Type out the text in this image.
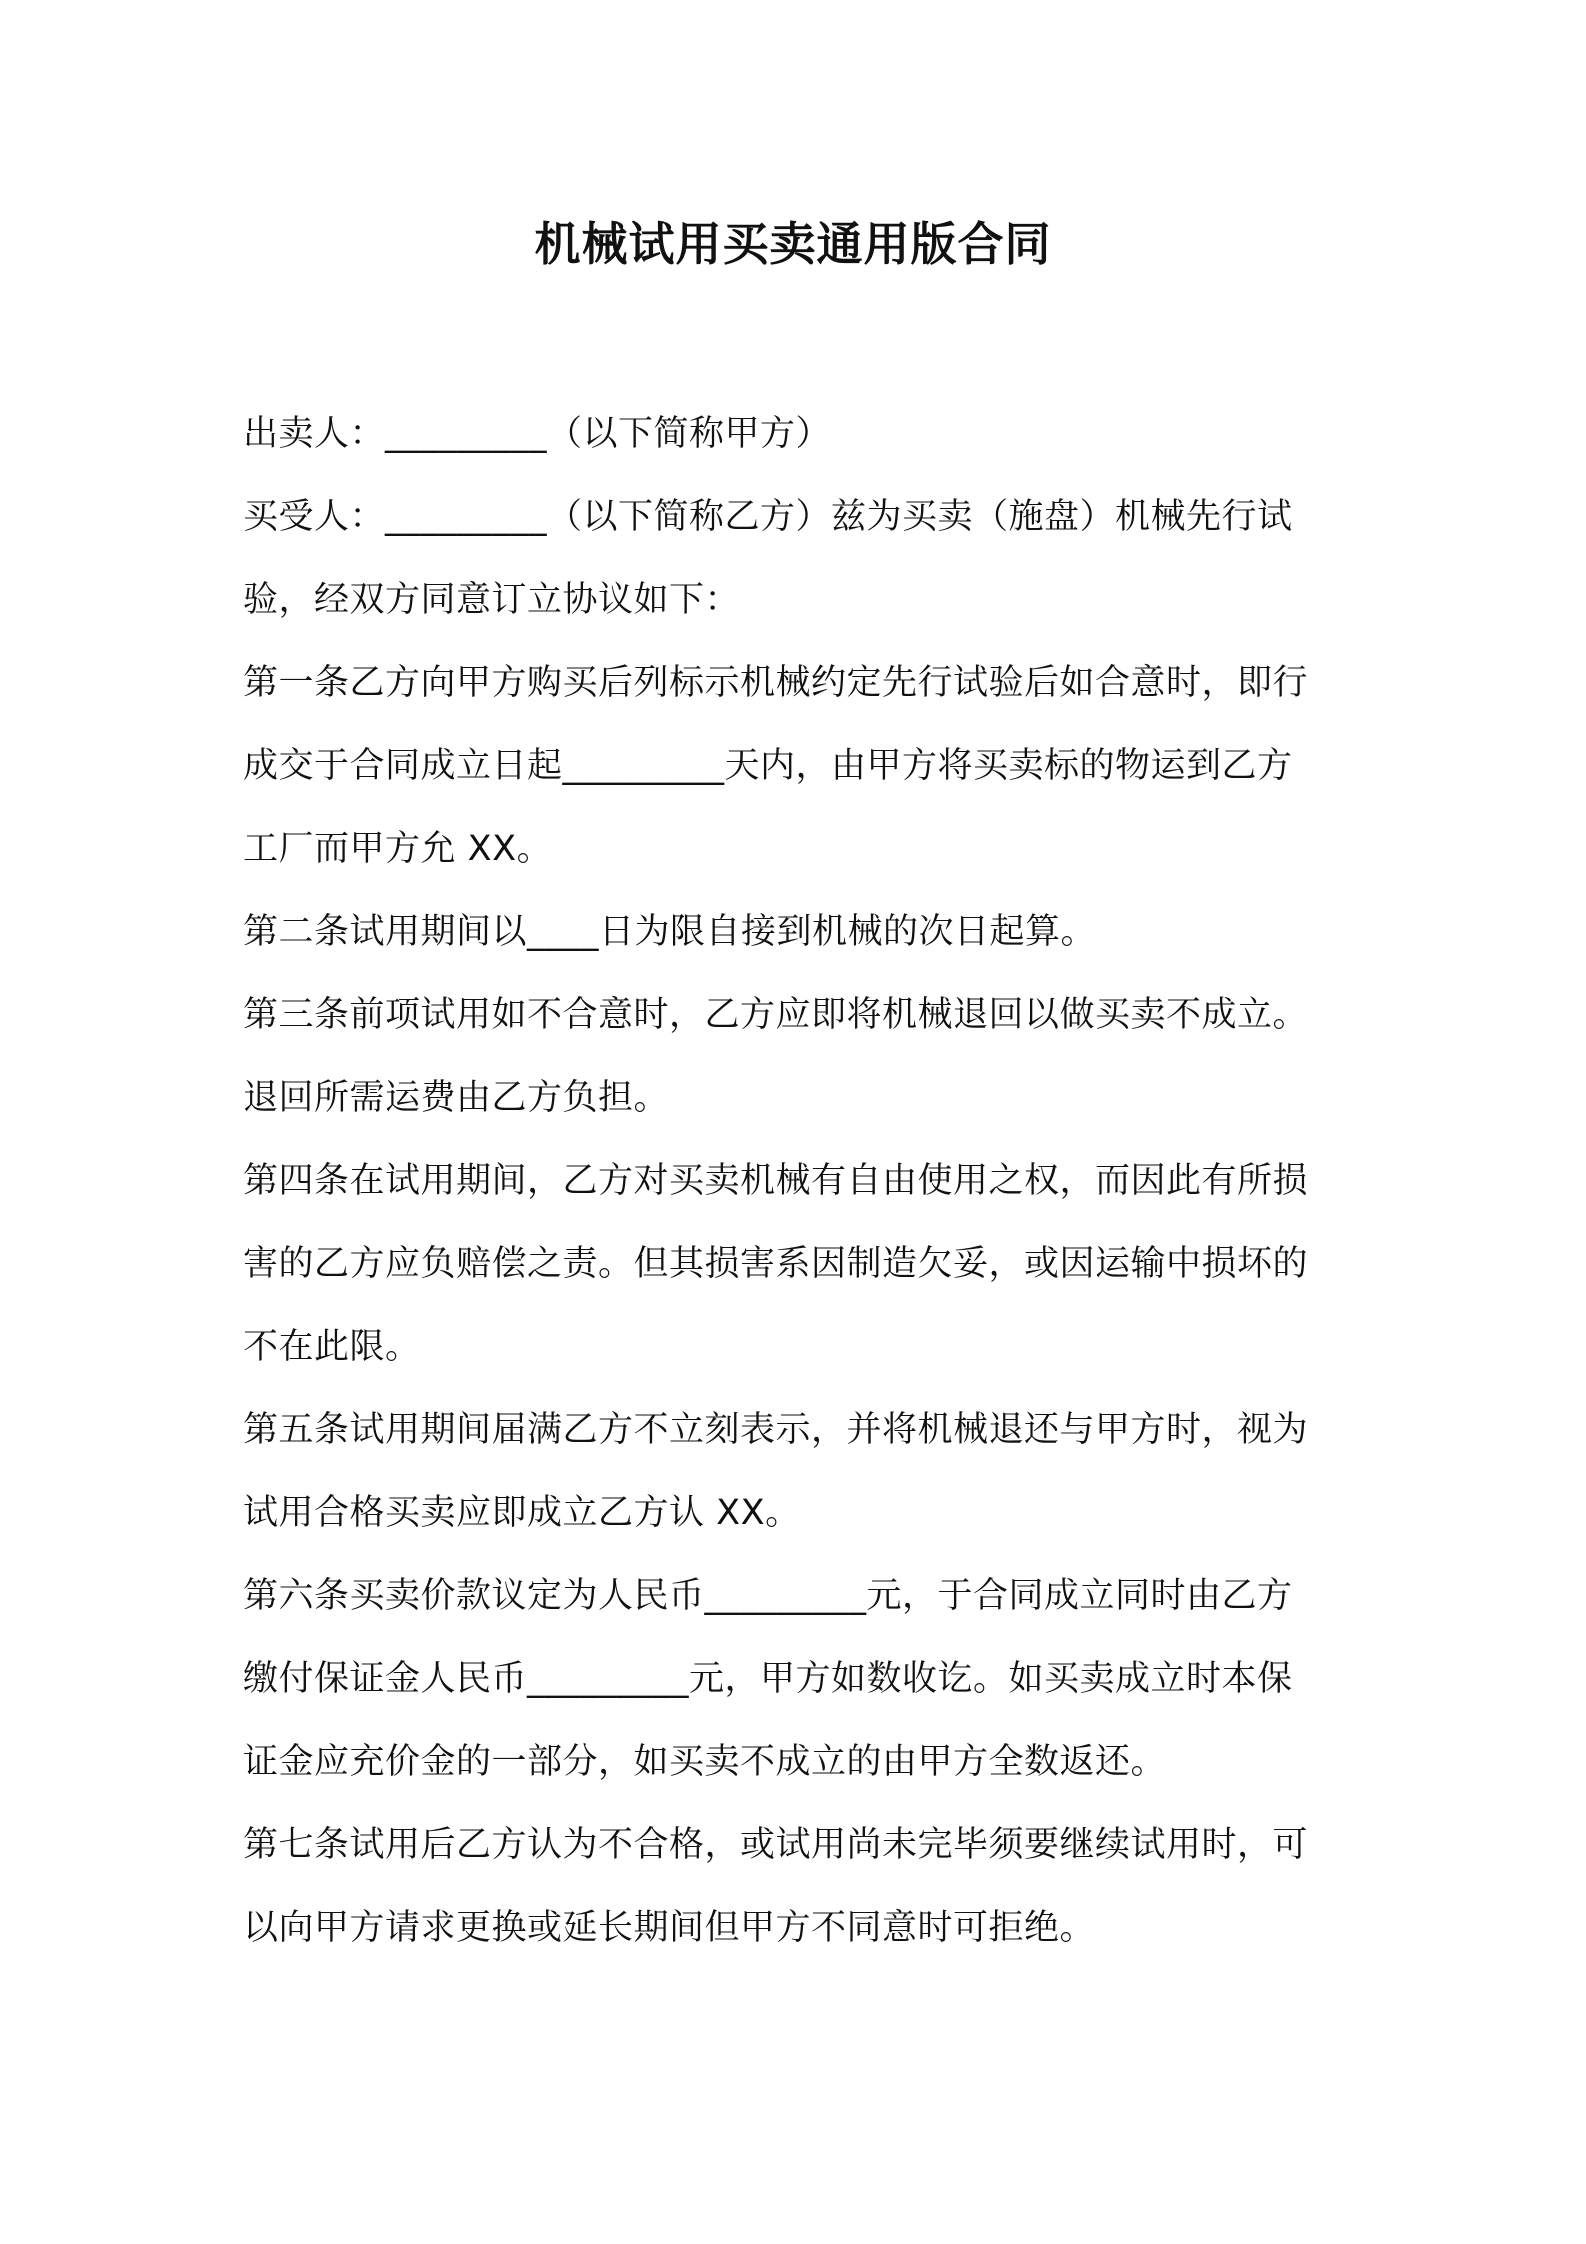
机械试用买卖通用版合同
出卖人：_________（以下简称甲方）
买受人：_________（以下简称乙方）兹为买卖（施盘）机械先行试
验，经双方同意订立协议如下：
第一条乙方向甲方购买后列标示机械约定先行试验后如合意时，即行
成交于合同成立日起_________天内，由甲方将买卖标的物运到乙方
工厂而甲方允 XX。
第二条试用期间以____日为限自接到机械的次日起算。
第三条前项试用如不合意时，乙方应即将机械退回以做买卖不成立。
退回所需运费由乙方负担。
第四条在试用期间，乙方对买卖机械有自由使用之权，而因此有所损
害的乙方应负赔偿之责。但其损害系因制造欠妥，或因运输中损坏的
不在此限。
第五条试用期间届满乙方不立刻表示，并将机械退还与甲方时，视为
试用合格买卖应即成立乙方认 XX。
第六条买卖价款议定为人民币_________元，于合同成立同时由乙方
缴付保证金人民币_________元，甲方如数收讫。如买卖成立时本保
证金应充价金的一部分，如买卖不成立的由甲方全数返还。
第七条试用后乙方认为不合格，或试用尚未完毕须要继续试用时，可
以向甲方请求更换或延长期间但甲方不同意时可拒绝。
